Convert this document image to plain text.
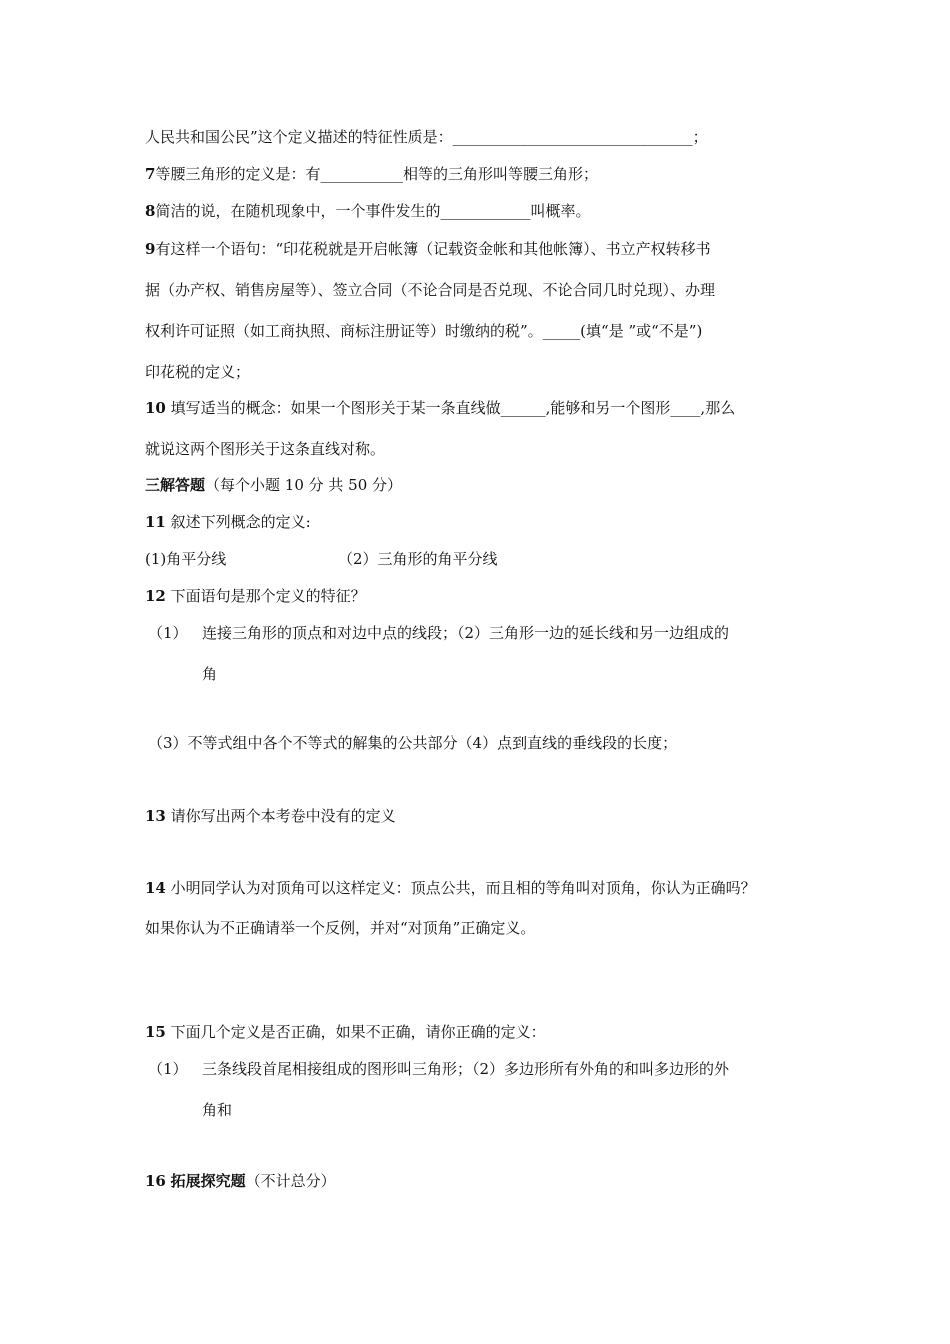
人民共和国公民”这个定义描述的特征性质是：________________________________；
7等腰三角形的定义是：有___________相等的三角形叫等腰三角形；
8简洁的说，在随机现象中，一个事件发生的____________叫概率。
9有这样一个语句：“印花税就是开启帐簿（记载资金帐和其他帐簿）、书立产权转移书
据（办产权、销售房屋等）、签立合同（不论合同是否兑现、不论合同几时兑现）、办理
权利许可证照（如工商执照、商标注册证等）时缴纳的税”。_____(填“是 ”或“不是”)
印花税的定义；
10 填写适当的概念：如果一个图形关于某一条直线做______,能够和另一个图形____,那么
就说这两个图形关于这条直线对称。
三解答题（每个小题 10 分 共 50 分）
11 叙述下列概念的定义:
(1)角平分线	（2）三角形的角平分线
12 下面语句是那个定义的特征？
（1） 连接三角形的顶点和对边中点的线段；（2）三角形一边的延长线和另一边组成的
角
（3）不等式组中各个不等式的解集的公共部分（4）点到直线的垂线段的长度；
13 请你写出两个本考卷中没有的定义
14 小明同学认为对顶角可以这样定义：顶点公共，而且相的等角叫对顶角，你认为正确吗？
如果你认为不正确请举一个反例，并对“对顶角”正确定义。
15 下面几个定义是否正确，如果不正确，请你正确的定义：
（1） 三条线段首尾相接组成的图形叫三角形；（2）多边形所有外角的和叫多边形的外
角和
16 拓展探究题（不计总分）
